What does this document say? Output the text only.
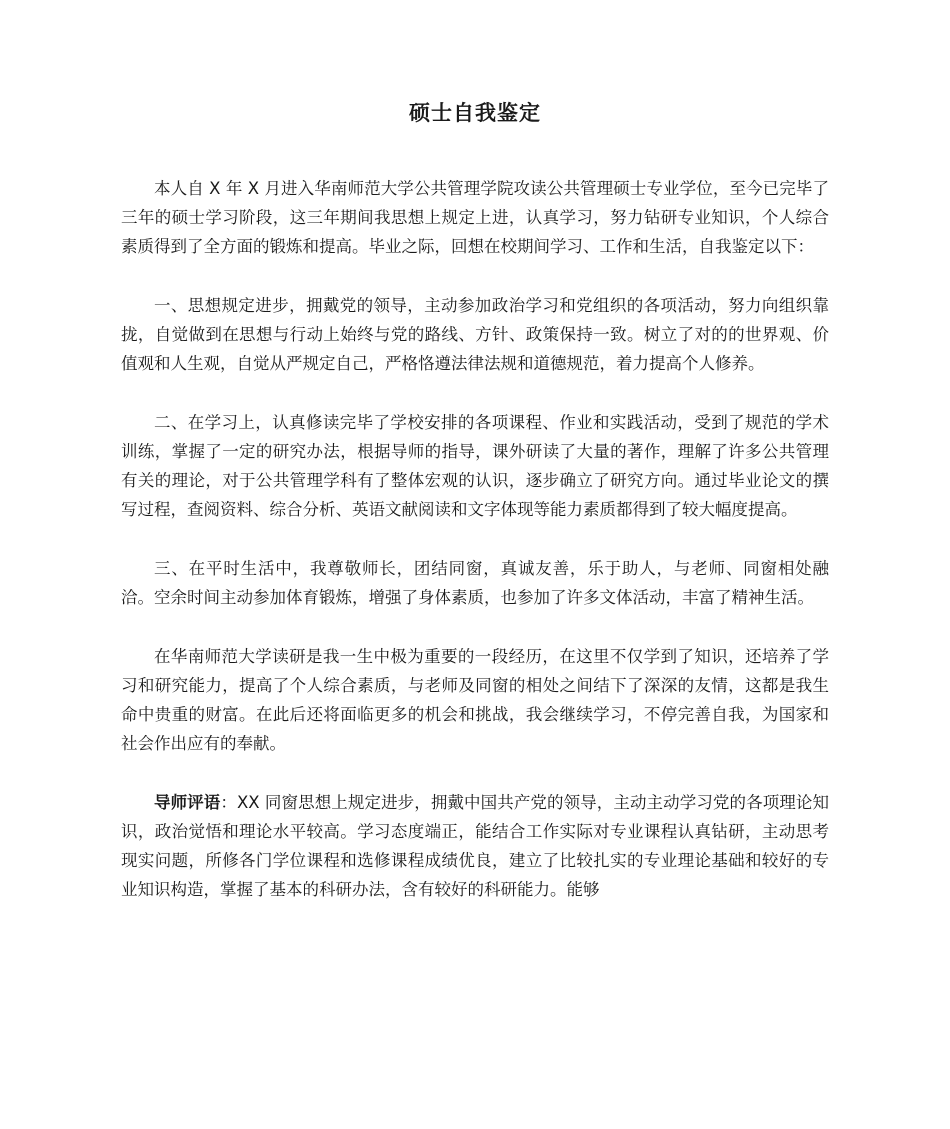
硕士自我鉴定

本人自 X 年 X 月进入华南师范大学公共管理学院攻读公共管理硕士专业学位，至今已完毕了三年的硕士学习阶段，这三年期间我思想上规定上进，认真学习，努力钻研专业知识，个人综合素质得到了全方面的锻炼和提高。毕业之际，回想在校期间学习、工作和生活，自我鉴定以下：

一、思想规定进步，拥戴党的领导，主动参加政治学习和党组织的各项活动，努力向组织靠拢，自觉做到在思想与行动上始终与党的路线、方针、政策保持一致。树立了对的的世界观、价值观和人生观，自觉从严规定自己，严格恪遵法律法规和道德规范，着力提高个人修养。

二、在学习上，认真修读完毕了学校安排的各项课程、作业和实践活动，受到了规范的学术训练，掌握了一定的研究办法，根据导师的指导，课外研读了大量的著作，理解了许多公共管理有关的理论，对于公共管理学科有了整体宏观的认识，逐步确立了研究方向。通过毕业论文的撰写过程，查阅资料、综合分析、英语文献阅读和文字体现等能力素质都得到了较大幅度提高。

三、在平时生活中，我尊敬师长，团结同窗，真诚友善，乐于助人，与老师、同窗相处融洽。空余时间主动参加体育锻炼，增强了身体素质，也参加了许多文体活动，丰富了精神生活。

在华南师范大学读研是我一生中极为重要的一段经历，在这里不仅学到了知识，还培养了学习和研究能力，提高了个人综合素质，与老师及同窗的相处之间结下了深深的友情，这都是我生命中贵重的财富。在此后还将面临更多的机会和挑战，我会继续学习，不停完善自我，为国家和社会作出应有的奉献。

导师评语：XX 同窗思想上规定进步，拥戴中国共产党的领导，主动主动学习党的各项理论知识，政治觉悟和理论水平较高。学习态度端正，能结合工作实际对专业课程认真钻研，主动思考现实问题，所修各门学位课程和选修课程成绩优良，建立了比较扎实的专业理论基础和较好的专业知识构造，掌握了基本的科研办法，含有较好的科研能力。能够
